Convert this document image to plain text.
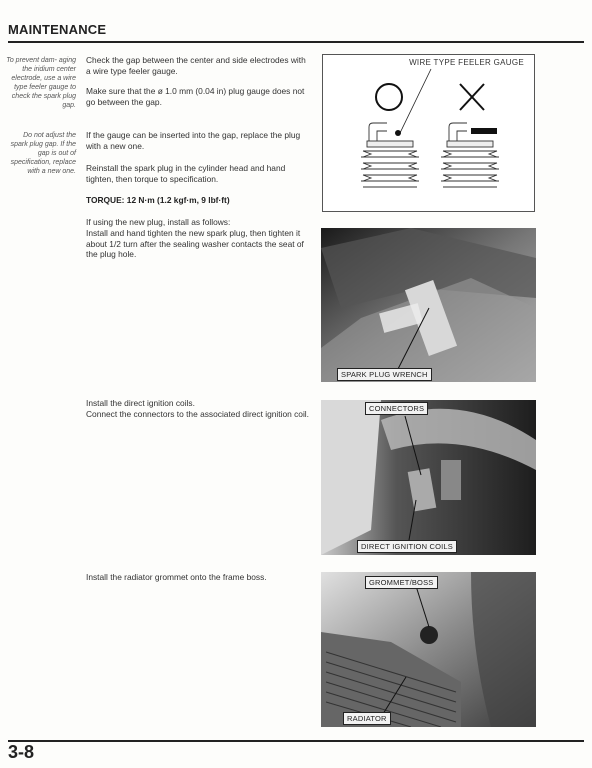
MAINTENANCE
To prevent dam- aging the iridium center electrode, use a wire type feeler gauge to check the spark plug gap.
Do not adjust the spark plug gap. If the gap is out of specification, replace with a new one.
Check the gap between the center and side electrodes with a wire type feeler gauge.
Make sure that the ø 1.0 mm (0.04 in) plug gauge does not go between the gap.
If the gauge can be inserted into the gap, replace the plug with a new one.
Reinstall the spark plug in the cylinder head and hand tighten, then torque to specification.
TORQUE: 12 N·m (1.2 kgf·m, 9 lbf·ft)
If using the new plug, install as follows:
Install and hand tighten the new spark plug, then tighten it about 1/2 turn after the sealing washer contacts the seat of the plug hole.
Install the direct ignition coils.
Connect the connectors to the associated direct ignition coil.
Install the radiator grommet onto the frame boss.
WIRE TYPE FEELER GAUGE
SPARK PLUG WRENCH
CONNECTORS
DIRECT IGNITION COILS
GROMMET/BOSS
RADIATOR
3-8
